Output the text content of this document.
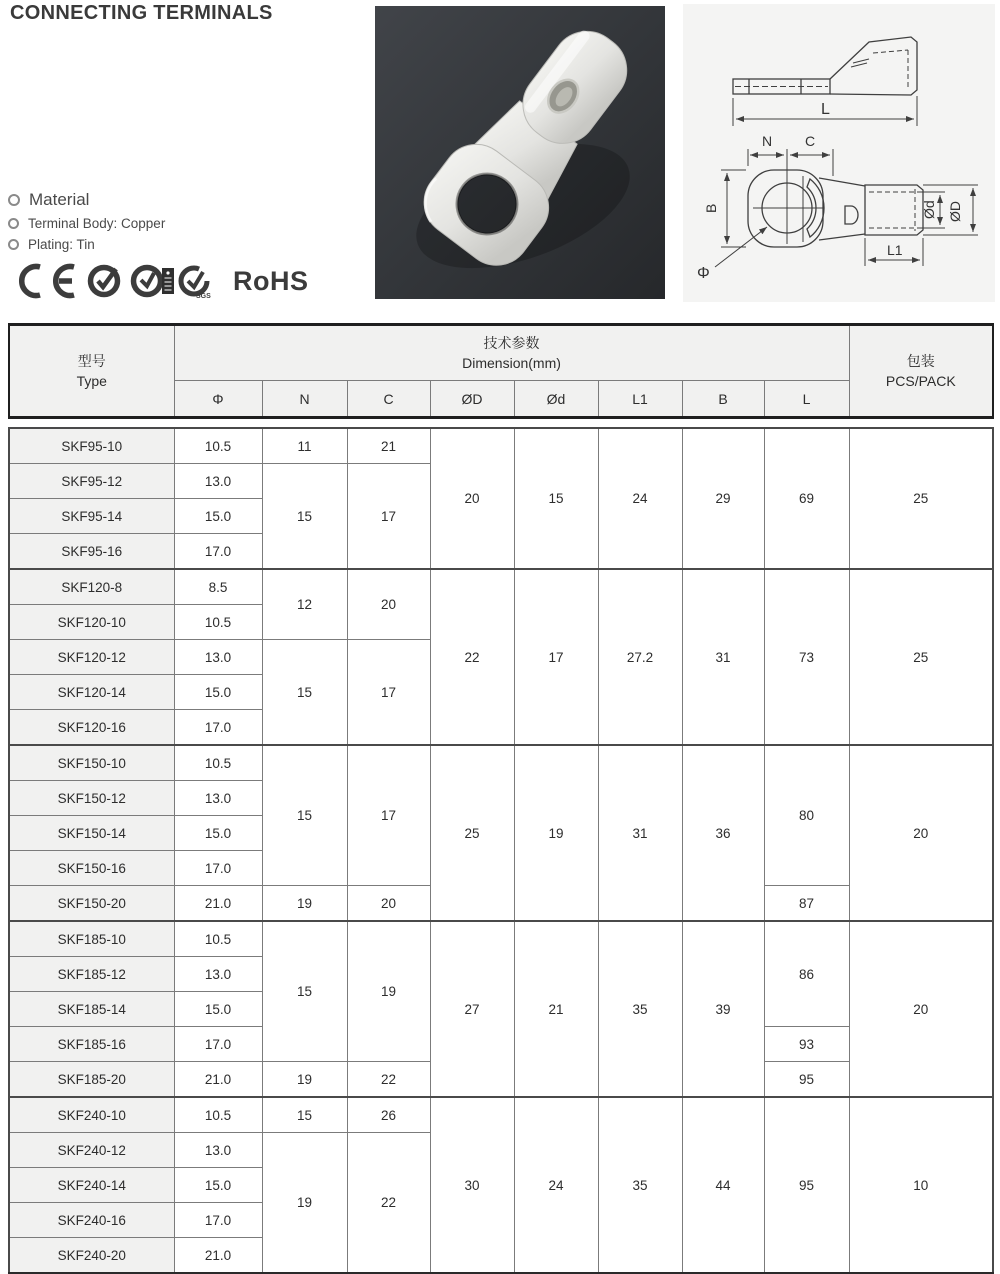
CONNECTING TERMINALS
L
N C
B	Ød ØD
L1
Φ
Material
Terminal Body: Copper
Plating: Tin
SGS
RoHS
型号
Type

技术参数
Dimension(mm)	包装
PCS/PACK

	Φ	N	C	ØD	Ød	L1	B	L	
SKF95-10	10.5	11	21	20	15	24	29	69	25
SKF95-12	13.0	15	17						
SKF95-14	15.0								
SKF95-16	17.0								
SKF120-8	8.5	12	20	22	17	27.2	31	73	25
SKF120-10	10.5								
SKF120-12	13.0	15	17						
SKF120-14	15.0								
SKF120-16	17.0								
SKF150-10	10.5	15	17	25	19	31	36	80	20
SKF150-12	13.0								
SKF150-14	15.0								
SKF150-16	17.0								
SKF150-20	21.0	19	20					87	
SKF185-10	10.5	15	19	27	21	35	39	86	20
SKF185-12	13.0								
SKF185-14	15.0								
SKF185-16	17.0							93	
SKF185-20	21.0	19	22					95	
SKF240-10	10.5	15	26	30	24	35	44	95	10
SKF240-12	13.0	19	22						
SKF240-14	15.0								
SKF240-16	17.0								
SKF240-20	21.0								
